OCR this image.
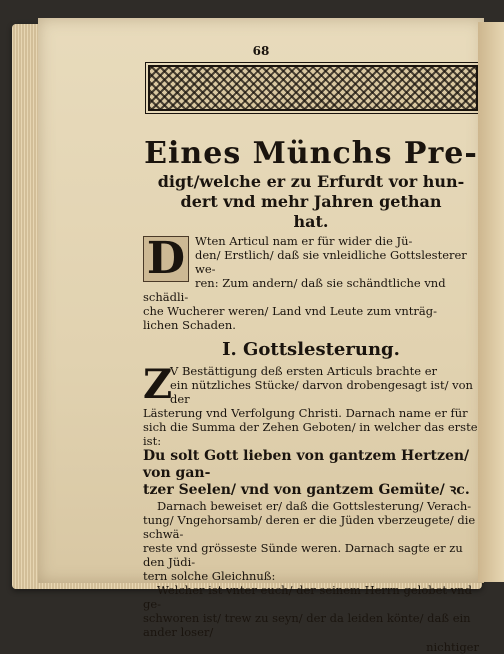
68
Eines Münchs Pre-
digt/welche er zu Erfurdt vor hun-
dert vnd mehr Jahren gethan
hat.
D Wten Articul nam er für wider die Jü-
den/ Erstlich/ daß sie vnleidliche Gottslesterer we-
ren: Zum andern/ daß sie schändtliche vnd schädli-
che Wucherer weren/ Land vnd Leute zum vnträg-
lichen Schaden.
I. Gottslesterung.
Z
V Bestättigung deß ersten Articuls brachte er
ein nützliches Stücke/ darvon drobengesagt ist/ von der
Lästerung vnd Verfolgung Christi. Darnach name er für
sich die Summa der Zehen Geboten/ in welcher das erste ist:
Du solt Gott lieben von gantzem Hertzen/ von gan-
tzer Seelen/ vnd von gantzem Gemüte/ ꝛc.
Darnach beweiset er/ daß die Gottslesterung/ Verach-
tung/ Vngehorsamb/ deren er die Jüden vberzeugete/ die schwä-
reste vnd grösseste Sünde weren. Darnach sagte er zu den Jüdi-
tern solche Gleichnuß:
Welcher ist vnter euch/ der seinem Herrn gelobet vnd ge-
schworen ist/ trew zu seyn/ der da leiden könte/ daß ein ander loser/
nichtiger
